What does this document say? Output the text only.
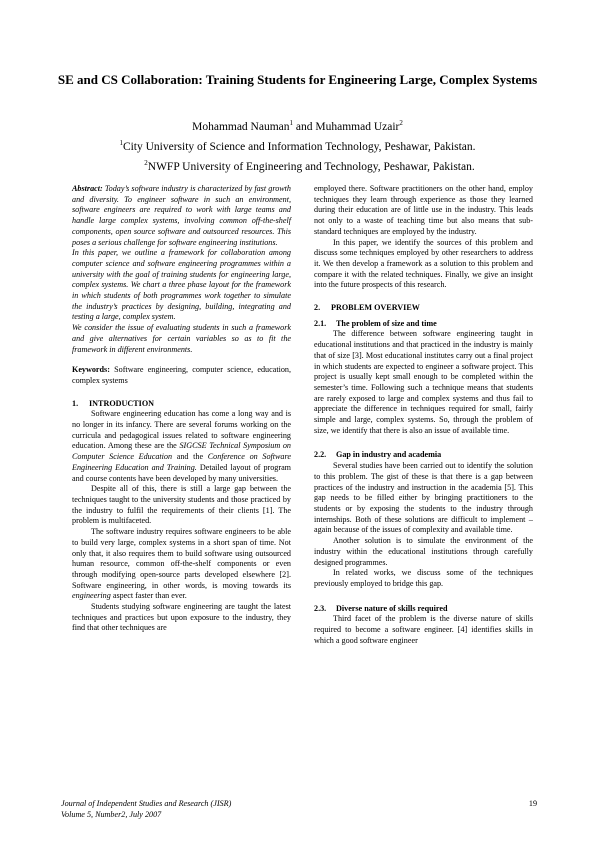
SE and CS Collaboration: Training Students for Engineering Large, Complex Systems
Mohammad Nauman$^1$ and Muhammad Uzair$^2$
$^1$City University of Science and Information Technology, Peshawar, Pakistan.
$^2$NWFP University of Engineering and Technology, Peshawar, Pakistan.

Abstract: Today’s software industry is characterized by fast growth and diversity. To engineer software in such an environment, software engineers are required to work with large teams and handle large complex systems, involving common off-the-shelf components, open source software and outsourced resources. This poses a serious challenge for software engineering institutions.

In this paper, we outline a framework for collaboration among computer science and software engineering programmes within a university with the goal of training students for engineering large, complex systems. We chart a three phase layout for the framework in which students of both programmes work together to simulate the industry’s practices by designing, building, integrating and testing a large, complex system.

We consider the issue of evaluating students in such a framework and give alternatives for certain variables so as to fit the framework in different environments.

Keywords: Software engineering, computer science, education, complex systems

1. INTRODUCTION

Software engineering education has come a long way and is no longer in its infancy. There are several forums working on the curricula and pedagogical issues related to software engineering education. Among these are the SIGCSE Technical Symposium on Computer Science Education and the Conference on Software Engineering Education and Training. Detailed layout of program and course contents have been developed by many universities.

Despite all of this, there is still a large gap between the techniques taught to the university students and those practiced by the industry to fulfil the requirements of their clients [1]. The problem is multifaceted.

The software industry requires software engineers to be able to build very large, complex systems in a short span of time. Not only that, it also requires them to build software using outsourced human resource, common off-the-shelf components or even through modifying open-source parts developed elsewhere [2]. Software engineering, in other words, is moving towards its engineering aspect faster than ever.

Students studying software engineering are taught the latest techniques and practices but upon exposure to the industry, they find that other techniques are

employed there. Software practitioners on the other hand, employ techniques they learn through experience as those they learned during their education are of little use in the industry. This leads not only to a waste of teaching time but also means that sub-standard techniques are employed by the industry.

In this paper, we identify the sources of this problem and discuss some techniques employed by other researchers to address it. We then develop a framework as a solution to this problem and compare it with the related techniques. Finally, we give an insight into the future prospects of this research.

2. PROBLEM OVERVIEW

2.1. The problem of size and time

The difference between software engineering taught in educational institutions and that practiced in the industry is mainly that of size [3]. Most educational institutes carry out a final project in which students are expected to engineer a software project. This project is usually kept small enough to be completed within the semester’s time. Following such a technique means that students are rarely exposed to large and complex systems and thus fail to appreciate the difference in techniques required for small, fairly simple and large, complex systems. So, through the problem of size, we identify that there is also an issue of available time.

2.2. Gap in industry and academia

Several studies have been carried out to identify the solution to this problem. The gist of these is that there is a gap between practices of the industry and instruction in the academia [5]. This gap needs to be filled either by bringing practitioners to the students or by exposing the students to the industry through internships. Both of these solutions are difficult to implement – again because of the issues of complexity and available time.

Another solution is to simulate the environment of the industry within the educational institutions through carefully designed programmes.

In related works, we discuss some of the techniques previously employed to bridge this gap.

2.3. Diverse nature of skills required

Third facet of the problem is the diverse nature of skills required to become a software engineer. [4] identifies skills in which a good software engineer

Journal of Independent Studies and Research (JISR)
Volume 5, Number2, July 2007
19
